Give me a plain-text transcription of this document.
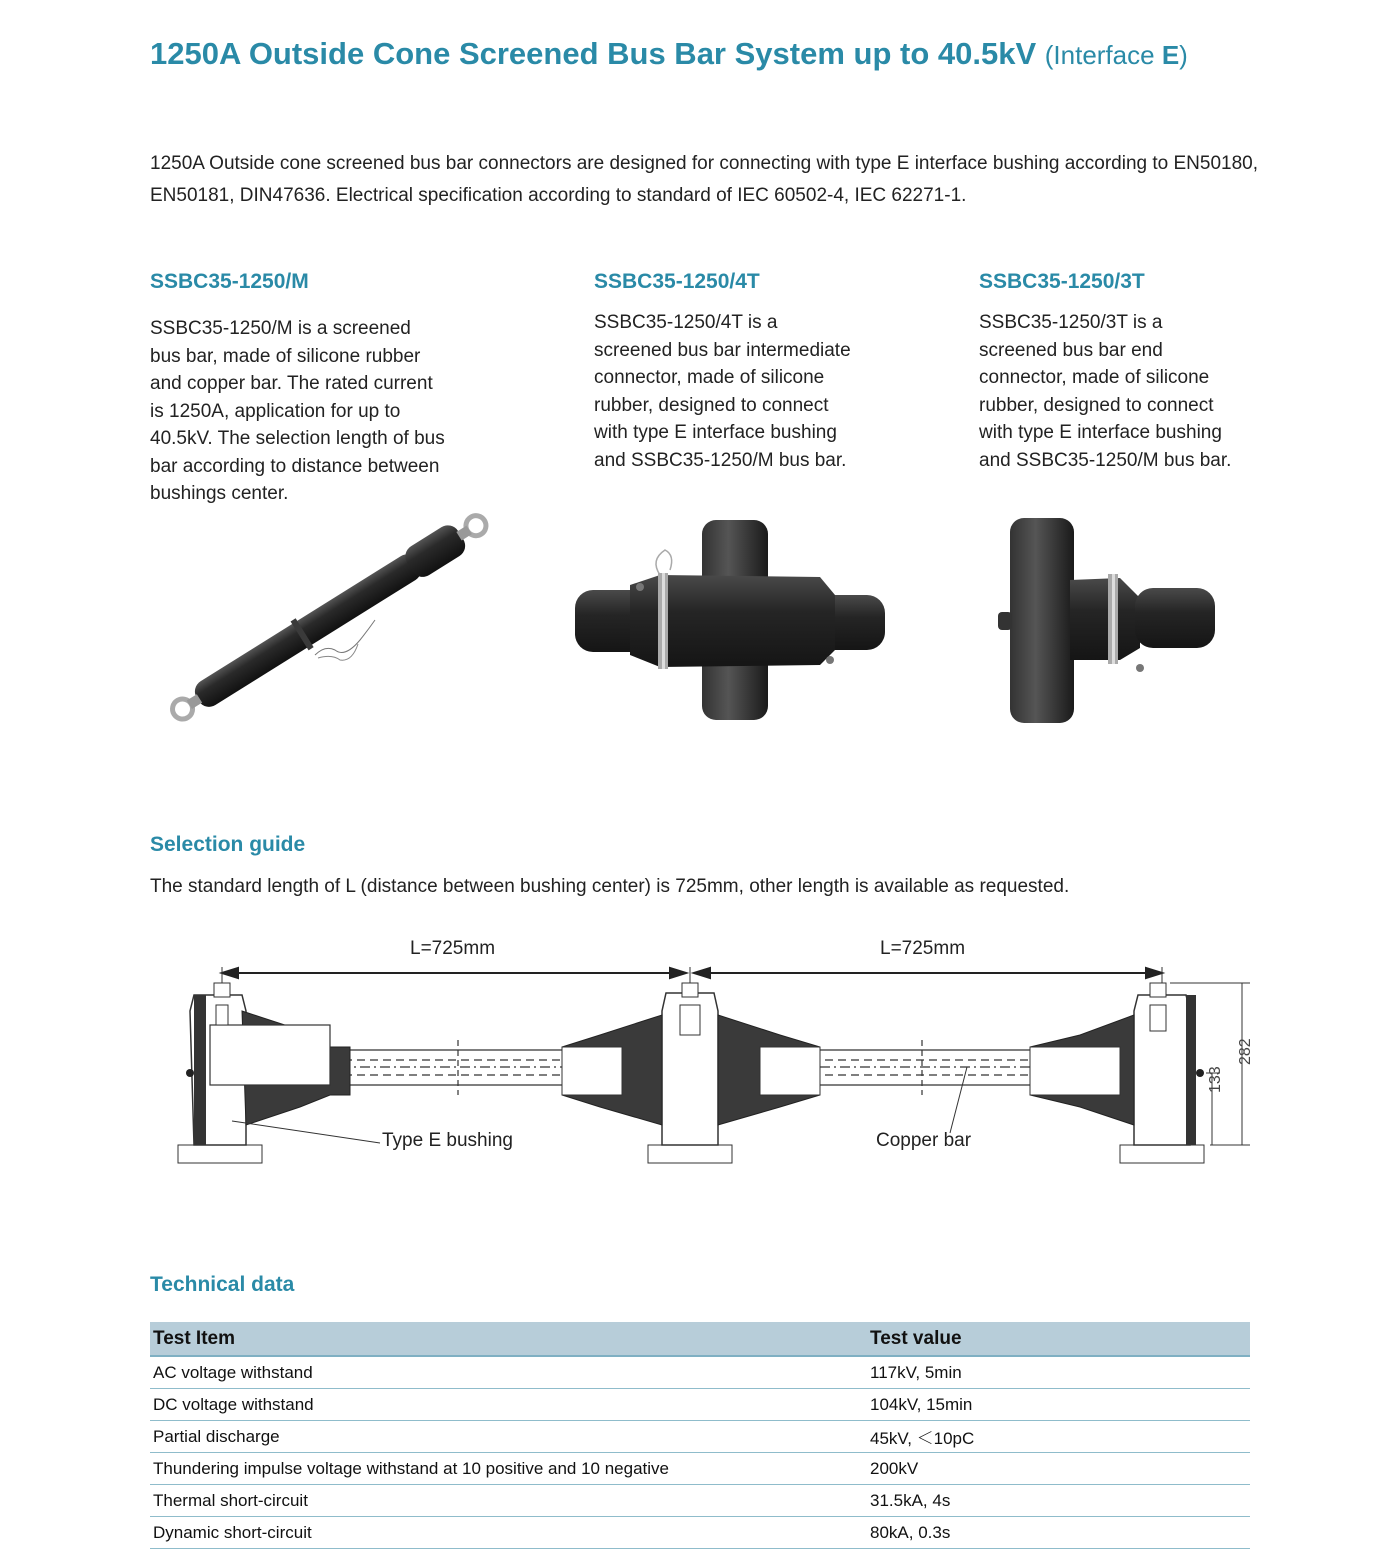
1250A Outside Cone Screened Bus Bar System up to 40.5kV (Interface E)
1250A Outside cone screened bus bar connectors are designed for connecting with type E interface bushing according to EN50180, EN50181, DIN47636. Electrical specification according to standard of IEC 60502-4, IEC 62271-1.
SSBC35-1250/M
SSBC35-1250/M is a screened
bus bar, made of silicone rubber
and copper bar. The rated current
is 1250A, application for up to
40.5kV. The selection length of bus
bar according to distance between
bushings center.
SSBC35-1250/4T
SSBC35-1250/4T is a
screened bus bar intermediate
connector, made of silicone
rubber, designed to connect
with type E interface bushing
and SSBC35-1250/M bus bar.
SSBC35-1250/3T
SSBC35-1250/3T is a
screened bus bar end
connector, made of silicone
rubber, designed to connect
with type E interface bushing
and SSBC35-1250/M bus bar.
Selection guide
The standard length of L (distance between bushing center) is 725mm, other length is available as requested.
133
282
L=725mm	L=725mm
Type E bushing	Copper bar
Technical data
Test Item	Test value
AC voltage withstand	117kV, 5min
DC voltage withstand	104kV, 15min
Partial discharge	45kV, ＜10pC
Thundering impulse voltage withstand at 10 positive and 10 negative	200kV
Thermal short-circuit	31.5kA, 4s
Dynamic short-circuit	80kA, 0.3s
